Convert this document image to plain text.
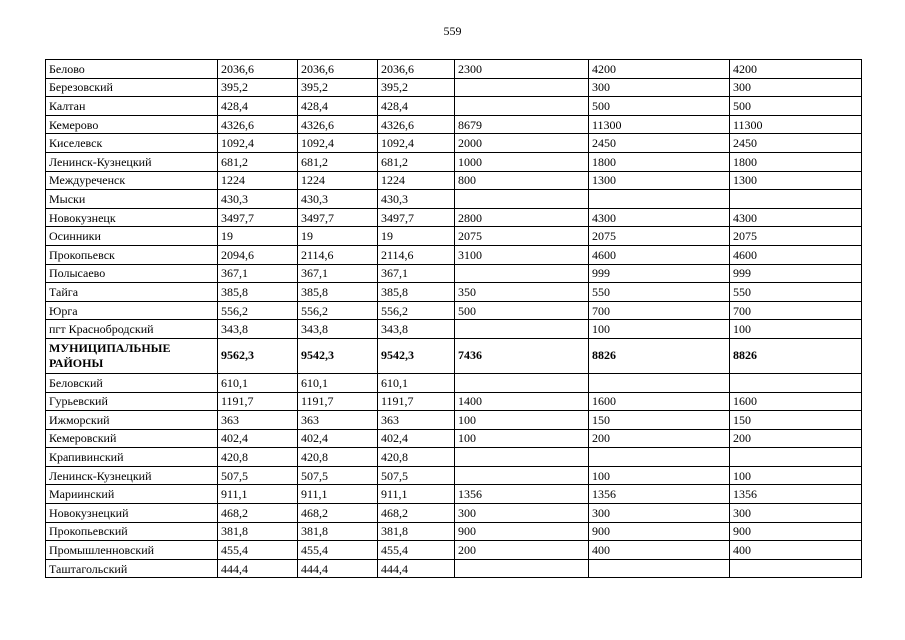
559
Белово	2036,6	2036,6	2036,6	2300	4200	4200
Березовский	395,2	395,2	395,2		300	300
Калтан	428,4	428,4	428,4		500	500
Кемерово	4326,6	4326,6	4326,6	8679	11300	11300
Киселевск	1092,4	1092,4	1092,4	2000	2450	2450
Ленинск-Кузнецкий	681,2	681,2	681,2	1000	1800	1800
Междуреченск	1224	1224	1224	800	1300	1300
Мыски	430,3	430,3	430,3			
Новокузнецк	3497,7	3497,7	3497,7	2800	4300	4300
Осинники	19	19	19	2075	2075	2075
Прокопьевск	2094,6	2114,6	2114,6	3100	4600	4600
Полысаево	367,1	367,1	367,1		999	999
Тайга	385,8	385,8	385,8	350	550	550
Юрга	556,2	556,2	556,2	500	700	700
пгт Краснобродский	343,8	343,8	343,8		100	100
МУНИЦИПАЛЬНЫЕ РАЙОНЫ	9562,3	9542,3	9542,3	7436	8826	8826
Беловский	610,1	610,1	610,1			
Гурьевский	1191,7	1191,7	1191,7	1400	1600	1600
Ижморский	363	363	363	100	150	150
Кемеровский	402,4	402,4	402,4	100	200	200
Крапивинский	420,8	420,8	420,8			
Ленинск-Кузнецкий	507,5	507,5	507,5		100	100
Мариинский	911,1	911,1	911,1	1356	1356	1356
Новокузнецкий	468,2	468,2	468,2	300	300	300
Прокопьевский	381,8	381,8	381,8	900	900	900
Промышленновский	455,4	455,4	455,4	200	400	400
Таштагольский	444,4	444,4	444,4			
